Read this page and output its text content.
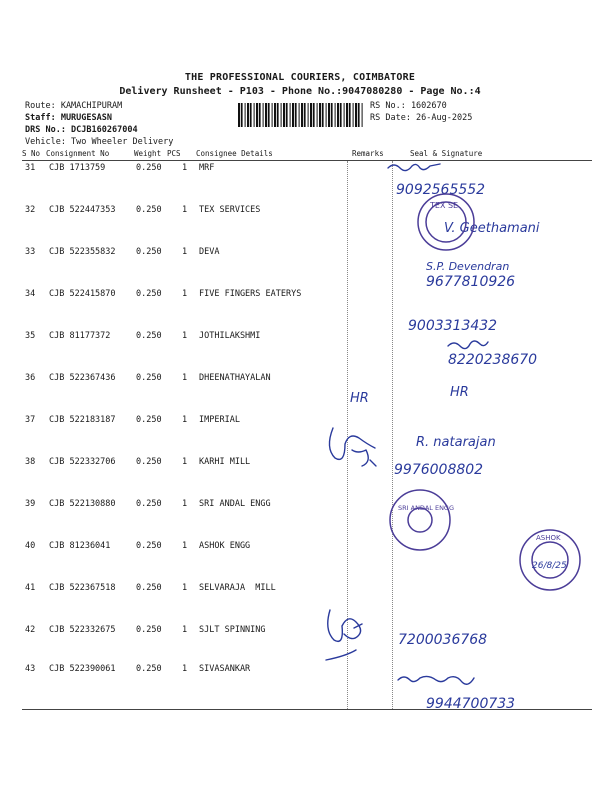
THE PROFESSIONAL COURIERS, COIMBATORE
Delivery Runsheet - P103 - Phone No.:9047080280 - Page No.:4
Route: KAMACHIPURAM
Staff: MURUGESASN
DRS No.: DCJB160267004
Vehicle: Two Wheeler Delivery
RS No.: 1602670
RS Date: 26-Aug-2025
S No Consignment No	Weight PCS Consignee Details	Remarks	Seal & Signature
31 CJB 1713759	0.250 1 MRF
32 CJB 522447353 0.250 1 TEX SERVICES
33 CJB 522355832 0.250 1 DEVA
34 CJB 522415870 0.250 1 FIVE FINGERS EATERYS
35 CJB 81177372	0.250 1 JOTHILAKSHMI
36 CJB 522367436 0.250 1 DHEENATHAYALAN
37 CJB 522183187 0.250 1 IMPERIAL
38 CJB 522332706 0.250 1 KARHI MILL
39 CJB 522130880 0.250 1 SRI ANDAL ENGG
40 CJB 81236041	0.250 1 ASHOK ENGG
41 CJB 522367518 0.250 1 SELVARAJA  MILL
42 CJB 522332675 0.250 1 SJLT SPINNING
43 CJB 522390061 0.250 1 SIVASANKAR
9092565552
V. Geethamani
S.P. Devendran
9677810926
9003313432
8220238670
HR	HR
R. natarajan
9976008802
7200036768
9944700733
TEX SE
SRI ANDAL ENGG
ASHOK
26/8/25
